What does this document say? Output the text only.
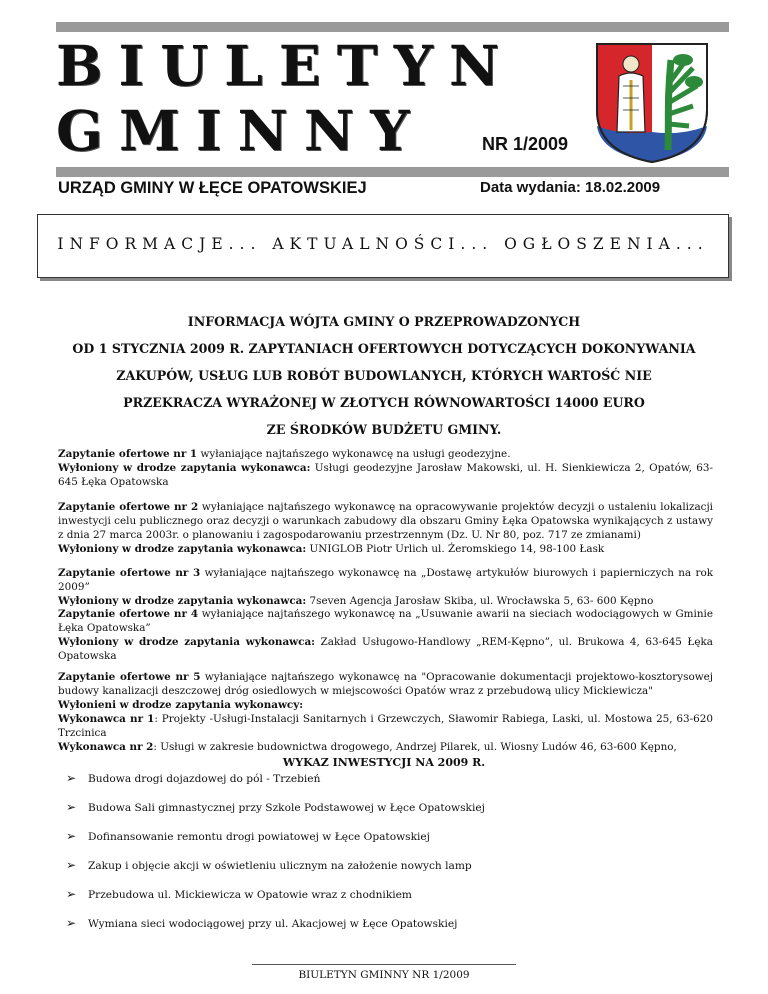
BIULETYN
GMINNY	NR 1/2009
URZĄD GMINY W ŁĘCE OPATOWSKIEJ	Data wydania: 18.02.2009
INFORMACJE... AKTUALNOŚCI... OGŁOSZENIA...
INFORMACJA WÓJTA GMINY O PRZEPROWADZONYCH
OD 1 STYCZNIA 2009 R. ZAPYTANIACH OFERTOWYCH DOTYCZĄCYCH DOKONYWANIA
ZAKUPÓW, USŁUG LUB ROBÓT BUDOWLANYCH, KTÓRYCH WARTOŚĆ NIE
PRZEKRACZA WYRAŻONEJ W ZŁOTYCH RÓWNOWARTOŚCI 14000 EURO
ZE ŚRODKÓW BUDŻETU GMINY.
Zapytanie ofertowe nr 1 wyłaniające najtańszego wykonawcę na usługi geodezyjne.
Wyłoniony w drodze zapytania wykonawca: Usługi geodezyjne Jarosław Makowski, ul. H. Sienkiewicza 2, Opatów, 63-645 Łęka Opatowska
Zapytanie ofertowe nr 2 wyłaniające najtańszego wykonawcę na opracowywanie projektów decyzji o ustaleniu lokalizacji inwestycji celu publicznego oraz decyzji o warunkach zabudowy dla obszaru Gminy Łęka Opatowska wynikających z ustawy z dnia 27 marca 2003r. o planowaniu i zagospodarowaniu przestrzennym (Dz. U. Nr 80, poz. 717 ze zmianami)
Wyłoniony w drodze zapytania wykonawca: UNIGLOB Piotr Urlich ul. Żeromskiego 14, 98-100 Łask
Zapytanie ofertowe nr 3 wyłaniające najtańszego wykonawcę na „Dostawę artykułów biurowych i papierniczych na rok 2009”
Wyłoniony w drodze zapytania wykonawca: 7seven Agencja Jarosław Skiba, ul. Wrocławska 5, 63- 600 Kępno
Zapytanie ofertowe nr 4 wyłaniające najtańszego wykonawcę na „Usuwanie awarii na sieciach wodociągowych w Gminie Łęka Opatowska”
Wyłoniony w drodze zapytania wykonawca: Zakład Usługowo-Handlowy „REM-Kępno”, ul. Brukowa 4, 63-645 Łęka Opatowska
Zapytanie ofertowe nr 5 wyłaniające najtańszego wykonawcę na "Opracowanie dokumentacji projektowo-kosztorysowej budowy kanalizacji deszczowej dróg osiedlowych w miejscowości Opatów wraz z przebudową ulicy Mickiewicza"
Wyłonieni w drodze zapytania wykonawcy:
Wykonawca nr 1: Projekty -Usługi-Instalacji Sanitarnych i Grzewczych, Sławomir Rabiega, Laski, ul. Mostowa 25, 63-620 Trzcinica
Wykonawca nr 2: Usługi w zakresie budownictwa drogowego, Andrzej Pilarek, ul. Wiosny Ludów 46, 63-600 Kępno,
WYKAZ INWESTYCJI NA 2009 R.
➢ Budowa drogi dojazdowej do pól - Trzebień
➢ Budowa Sali gimnastycznej przy Szkole Podstawowej w Łęce Opatowskiej
➢ Dofinansowanie remontu drogi powiatowej w Łęce Opatowskiej
➢ Zakup i objęcie akcji w oświetleniu ulicznym na założenie nowych lamp
➢ Przebudowa ul. Mickiewicza w Opatowie wraz z chodnikiem
➢ Wymiana sieci wodociągowej przy ul. Akacjowej w Łęce Opatowskiej
BIULETYN GMINNY NR 1/2009
